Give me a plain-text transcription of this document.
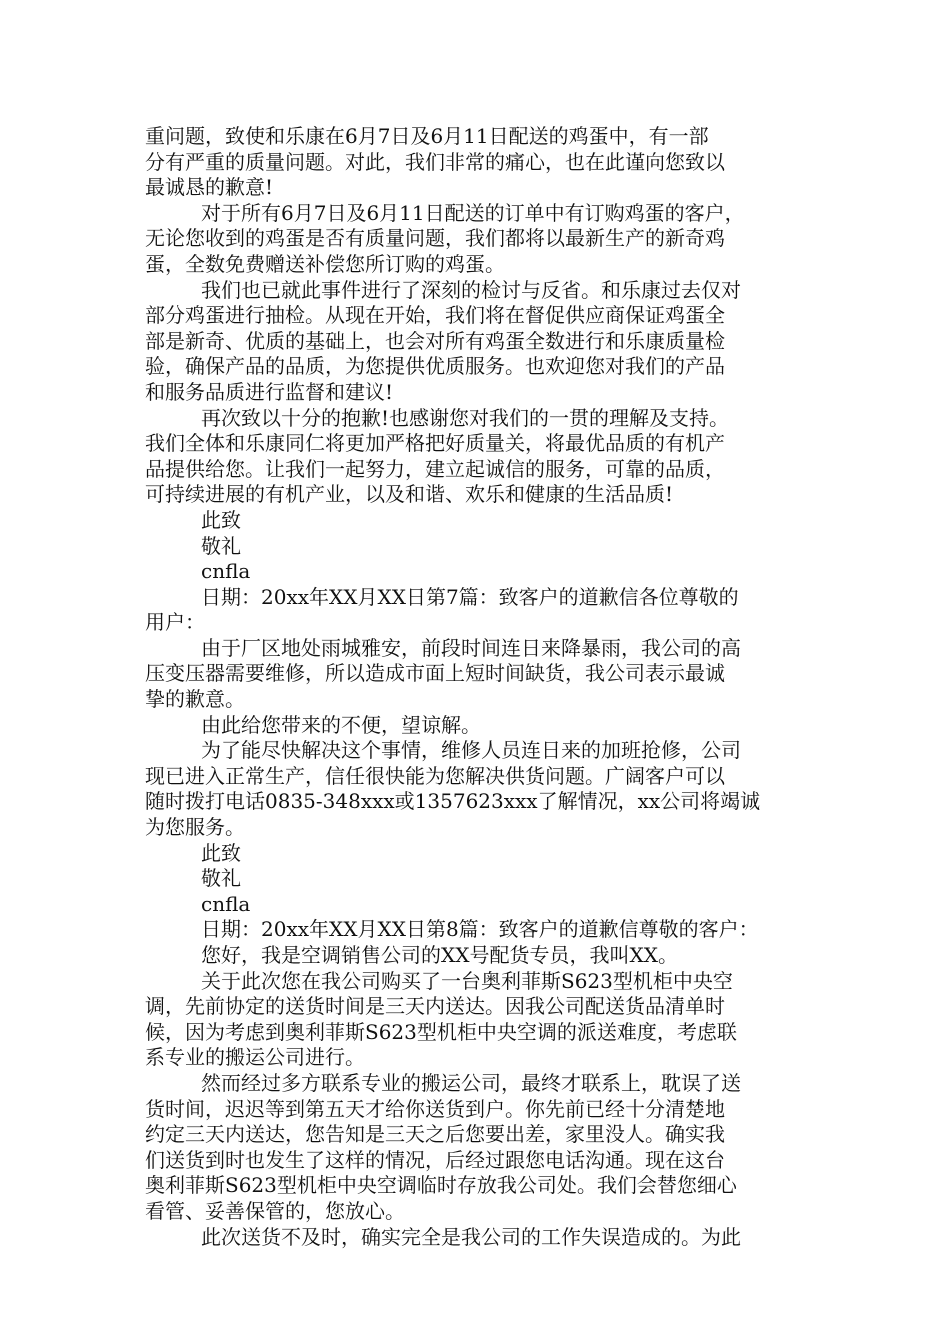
重问题，致使和乐康在6月7日及6月11日配送的鸡蛋中，有一部

分有严重的质量问题。对此，我们非常的痛心，也在此谨向您致以

最诚恳的歉意!

对于所有6月7日及6月11日配送的订单中有订购鸡蛋的客户，

无论您收到的鸡蛋是否有质量问题，我们都将以最新生产的新奇鸡

蛋，全数免费赠送补偿您所订购的鸡蛋。

我们也已就此事件进行了深刻的检讨与反省。和乐康过去仅对

部分鸡蛋进行抽检。从现在开始，我们将在督促供应商保证鸡蛋全

部是新奇、优质的基础上，也会对所有鸡蛋全数进行和乐康质量检

验，确保产品的品质，为您提供优质服务。也欢迎您对我们的产品

和服务品质进行监督和建议!

再次致以十分的抱歉!也感谢您对我们的一贯的理解及支持。

我们全体和乐康同仁将更加严格把好质量关，将最优品质的有机产

品提供给您。让我们一起努力，建立起诚信的服务，可靠的品质，

可持续进展的有机产业，以及和谐、欢乐和健康的生活品质!

此致

敬礼

cnfla

日期：20xx年XX月XX日第7篇：致客户的道歉信各位尊敬的

用户：

由于厂区地处雨城雅安，前段时间连日来降暴雨，我公司的高

压变压器需要维修，所以造成市面上短时间缺货，我公司表示最诚

挚的歉意。

由此给您带来的不便，望谅解。

为了能尽快解决这个事情，维修人员连日来的加班抢修，公司

现已进入正常生产，信任很快能为您解决供货问题。广阔客户可以

随时拨打电话0835-348xxx或1357623xxx了解情况，xx公司将竭诚

为您服务。

此致

敬礼

cnfla

日期：20xx年XX月XX日第8篇：致客户的道歉信尊敬的客户：

您好，我是空调销售公司的XX号配货专员，我叫XX。

关于此次您在我公司购买了一台奥利菲斯S623型机柜中央空

调，先前协定的送货时间是三天内送达。因我公司配送货品清单时

候，因为考虑到奥利菲斯S623型机柜中央空调的派送难度，考虑联

系专业的搬运公司进行。

然而经过多方联系专业的搬运公司，最终才联系上，耽误了送

货时间，迟迟等到第五天才给你送货到户。你先前已经十分清楚地

约定三天内送达，您告知是三天之后您要出差，家里没人。确实我

们送货到时也发生了这样的情况，后经过跟您电话沟通。现在这台

奥利菲斯S623型机柜中央空调临时存放我公司处。我们会替您细心

看管、妥善保管的，您放心。

此次送货不及时，确实完全是我公司的工作失误造成的。为此
